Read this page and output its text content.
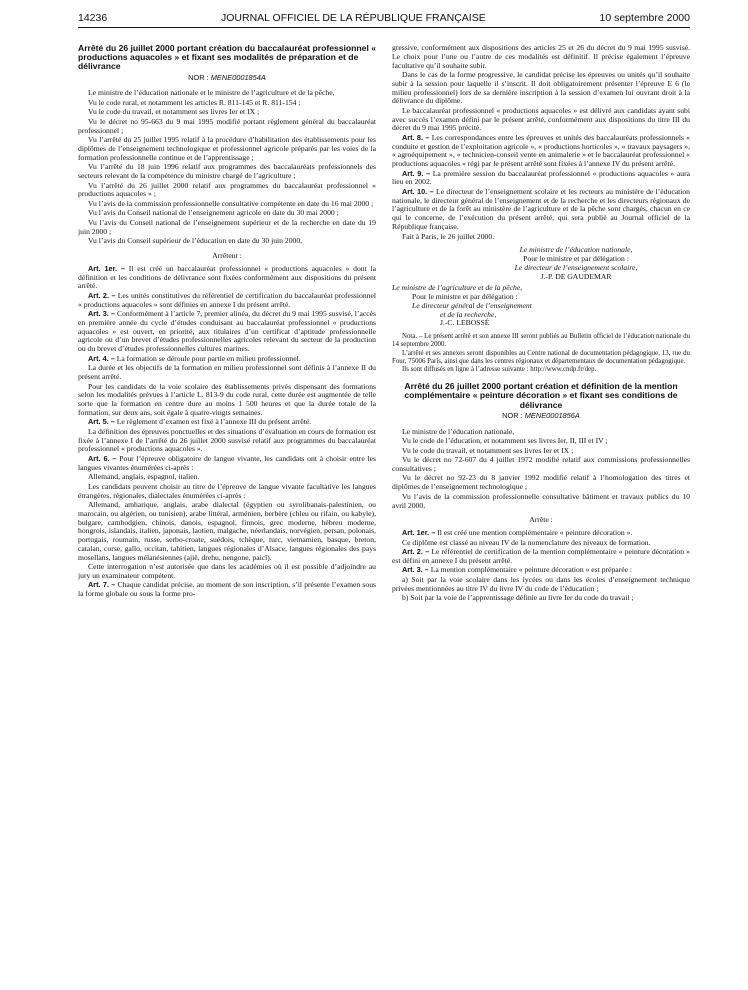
14236	JOURNAL OFFICIEL DE LA RÉPUBLIQUE FRANÇAISE	10 septembre 2000
Arrêté du 26 juillet 2000 portant création du baccalauréat professionnel « productions aquacoles » et fixant ses modalités de préparation et de délivrance
NOR : MENE0001854A

Le ministre de l’éducation nationale et le ministre de l’agriculture et de la pêche,

Vu le code rural, et notamment les articles R. 811-145 et R. 811-154 ;

Vu le code du travail, et notamment ses livres Ier et IX ;

Vu le décret no 95-663 du 9 mai 1995 modifié portant règlement général du baccalauréat professionnel ;

Vu l’arrêté du 25 juillet 1995 relatif à la procédure d’habilitation des établissements pour les diplômes de l’enseignement technologique et professionnel agricole préparés par les voies de la formation professionnelle continue et de l’apprentissage ;

Vu l’arrêté du 18 juin 1996 relatif aux programmes des baccalauréats professionnels des secteurs relevant de la compétence du ministre chargé de l’agriculture ;

Vu l’arrêté du 26 juillet 2000 relatif aux programmes du baccalauréat professionnel « productions aquacoles » ;

Vu l’avis de la commission professionnelle consultative compétente en date du 16 mai 2000 ;

Vu l’avis du Conseil national de l’enseignement agricole en date du 30 mai 2000 ;

Vu l’avis du Conseil national de l’enseignement supérieur et de la recherche en date du 19 juin 2000 ;

Vu l’avis du Conseil supérieur de l’éducation en date du 30 juin 2000,

Arrêtent :

Art. 1er. – Il est créé un baccalauréat professionnel « productions aquacoles » dont la définition et les conditions de délivrance sont fixées conformément aux dispositions du présent arrêté.

Art. 2. – Les unités constitutives du référentiel de certification du baccalauréat professionnel « productions aquacoles » sont définies en annexe I du présent arrêté.

Art. 3. – Conformément à l’article 7, premier alinéa, du décret du 9 mai 1995 susvisé, l’accès en première année du cycle d’études conduisant au baccalauréat professionnel « productions aquacoles » est ouvert, en priorité, aux titulaires d’un certificat d’aptitude professionnelle agricole ou d’un brevet d’études professionnelles agricoles relevant du secteur de la production ou du brevet d’études professionnelles cultures marines.

Art. 4. – La formation se déroule pour partie en milieu professionnel.

La durée et les objectifs de la formation en milieu professionnel sont définis à l’annexe II du présent arrêté.

Pour les candidats de la voie scolaire des établissements privés dispensant des formations selon les modalités prévues à l’article L. 813-9 du code rural, cette durée est augmentée de telle sorte que la formation en centre dure au moins 1 500 heures et que la durée totale de la formation, sur deux ans, soit égale à quatre-vingts semaines.

Art. 5. – Le règlement d’examen est fixé à l’annexe III du présent arrêté.

La définition des épreuves ponctuelles et des situations d’évaluation en cours de formation est fixée à l’annexe I de l’arrêté du 26 juillet 2000 susvisé relatif aux programmes du baccalauréat professionnel « productions aquacoles ».

Art. 6. – Pour l’épreuve obligatoire de langue vivante, les candidats ont à choisir entre les langues vivantes énumérées ci-après :

Allemand, anglais, espagnol, italien.

Les candidats peuvent choisir au titre de l’épreuve de langue vivante facultative les langues étrangères, régionales, dialectales énumérées ci-après :

Allemand, amharique, anglais, arabe dialectal (égyptien ou syrolibanais-palestinien, ou marocain, ou algérien, ou tunisien), arabe littéral, arménien, berbère (chleu ou rifain, ou kabyle), bulgare, cambodgien, chinois, danois, espagnol, finnois, grec moderne, hébreu moderne, hongrois, islandais, italien, japonais, laotien, malgache, néerlandais, norvégien, persan, polonais, portugais, roumain, russe, serbo-croate, suédois, tchèque, turc, vietnamien, basque, breton, catalan, corse, gallo, occitan, tahitien, langues régionales d’Alsace, langues régionales des pays mosellans, langues mélanésiennes (ajië, drehu, nengone, paicî).

Cette interrogation n’est autorisée que dans les académies où il est possible d’adjoindre au jury un examinateur compétent.

Art. 7. – Chaque candidat précise, au moment de son inscription, s’il présente l’examen sous la forme globale ou sous la forme pro-

gressive, conformément aux dispositions des articles 25 et 26 du décret du 9 mai 1995 susvisé. Le choix pour l’une ou l’autre de ces modalités est définitif. Il précise également l’épreuve facultative qu’il souhaite subir.

Dans le cas de la forme progressive, le candidat précise les épreuves ou unités qu’il souhaite subir à la session pour laquelle il s’inscrit. Il doit obligatoirement présenter l’épreuve E 6 (le milieu professionnel) lors de sa dernière inscription à la session d’examen lui ouvrant droit à la délivrance du diplôme.

Le baccalauréat professionnel « productions aquacoles » est délivré aux candidats ayant subi avec succès l’examen défini par le présent arrêté, conformément aux dispositions du titre III du décret du 9 mai 1995 précité.

Art. 8. – Les correspondances entre les épreuves et unités des baccalauréats professionnels « conduite et gestion de l’exploitation agricole », « productions horticoles », « travaux paysagers », « agroéquipement », « technicien-conseil vente en animalerie » et le baccalauréat professionnel « productions aquacoles » régi par le présent arrêté sont fixées à l’annexe IV du présent arrêté.

Art. 9. – La première session du baccalauréat professionnel « productions aquacoles » aura lieu en 2002.

Art. 10. – Le directeur de l’enseignement scolaire et les recteurs au ministère de l’éducation nationale, le directeur général de l’enseignement et de la recherche et les directeurs régionaux de l’agriculture et de la forêt au ministère de l’agriculture et de la pêche sont chargés, chacun en ce qui le concerne, de l’exécution du présent arrêté, qui sera publié au Journal officiel de la République française.

Fait à Paris, le 26 juillet 2000.

Le ministre de l’éducation nationale,
Pour le ministre et par délégation :
Le directeur de l’enseignement scolaire,
J.-P. DE GAUDEMAR
Le ministre de l’agriculture et de la pêche,
Pour le ministre et par délégation :
Le directeur général de l’enseignement
et de la recherche,
J.-C. LEBOSSÉ

Nota. – Le présent arrêté et son annexe III seront publiés au Bulletin officiel de l’éducation nationale du 14 septembre 2000.

L’arrêté et ses annexes seront disponibles au Centre national de documentation pédagogique, 13, rue du Four, 75006 Paris, ainsi que dans les centres régionaux et départementaux de documentation pédagogique.

Ils sont diffusés en ligne à l’adresse suivante : http://www.cndp.fr/dep.

Arrêté du 26 juillet 2000 portant création et définition de la mention complémentaire « peinture décoration » et fixant ses conditions de délivrance
NOR : MENE0001856A

Le ministre de l’éducation nationale,

Vu le code de l’éducation, et notamment ses livres Ier, II, III et IV ;

Vu le code du travail, et notamment ses livres Ier et IX ;

Vu le décret no 72-607 du 4 juillet 1972 modifié relatif aux commissions professionnelles consultatives ;

Vu le décret no 92-23 du 8 janvier 1992 modifié relatif à l’homologation des titres et diplômes de l’enseignement technologique ;

Vu l’avis de la commission professionnelle consultative bâtiment et travaux publics du 10 avril 2000,

Arrête :

Art. 1er. – Il est créé une mention complémentaire « peinture décoration ».

Ce diplôme est classé au niveau IV de la nomenclature des niveaux de formation.

Art. 2. – Le référentiel de certification de la mention complémentaire « peinture décoration » est défini en annexe I du présent arrêté.

Art. 3. – La mention complémentaire « peinture décoration » est préparée :

a) Soit par la voie scolaire dans les lycées ou dans les écoles d’enseignement technique privées mentionnées au titre IV du livre IV du code de l’éducation ;

b) Soit par la voie de l’apprentissage définie au livre Ier du code du travail ;
